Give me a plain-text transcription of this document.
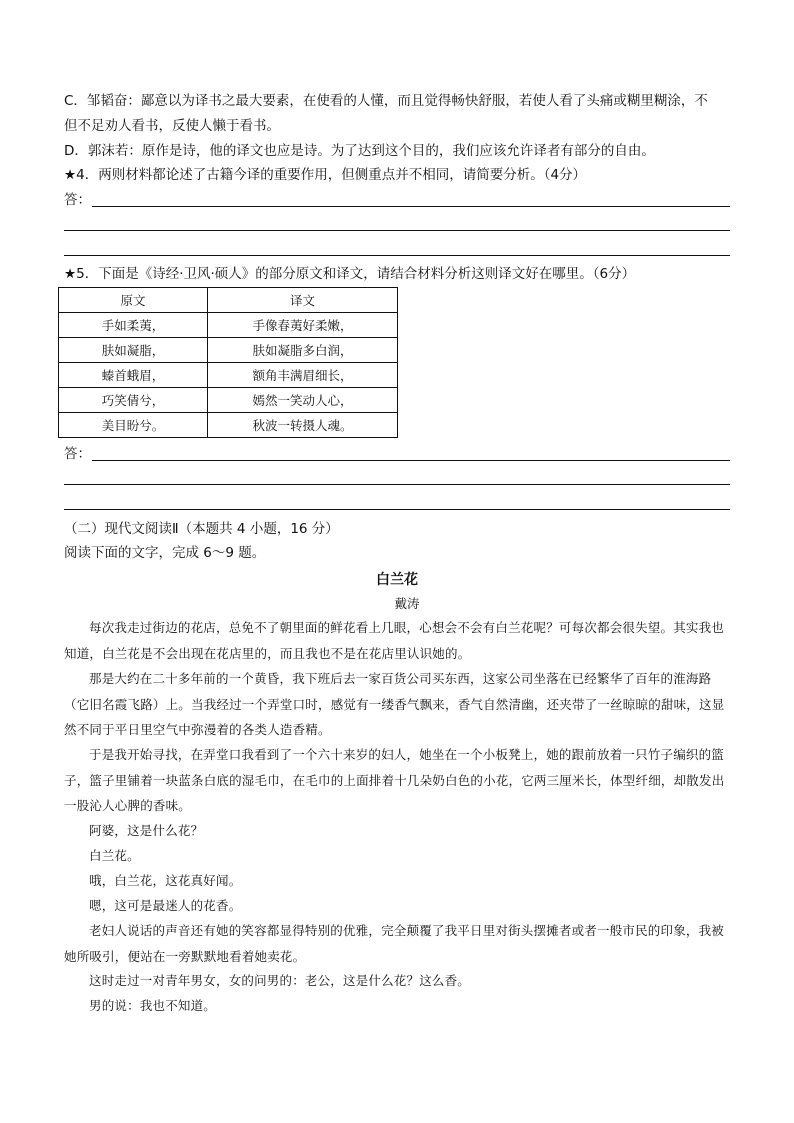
C．邹韬奋：鄙意以为译书之最大要素，在使看的人懂，而且觉得畅快舒服，若使人看了头痛或糊里糊涂，不
但不足劝人看书，反使人懒于看书。
D．郭沫若：原作是诗，他的译文也应是诗。为了达到这个目的，我们应该允许译者有部分的自由。
★4．两则材料都论述了古籍今译的重要作用，但侧重点并不相同，请简要分析。（4分）
答：
★5．下面是《诗经·卫风·硕人》的部分原文和译文，请结合材料分析这则译文好在哪里。（6分）
原文	译文
手如柔荑，	手像春荑好柔嫩，
肤如凝脂，	肤如凝脂多白润，
螓首蛾眉，	额角丰满眉细长，
巧笑倩兮，	嫣然一笑动人心，
美目盼兮。	秋波一转摄人魂。
答：
（二）现代文阅读Ⅱ（本题共 4 小题，16 分）
阅读下面的文字，完成 6～9 题。
白兰花
戴涛
每次我走过街边的花店，总免不了朝里面的鲜花看上几眼，心想会不会有白兰花呢？可每次都会很失望。其实我也知道，白兰花是不会出现在花店里的，而且我也不是在花店里认识她的。
那是大约在二十多年前的一个黄昏，我下班后去一家百货公司买东西，这家公司坐落在已经繁华了百年的淮海路（它旧名霞飞路）上。当我经过一个弄堂口时，感觉有一缕香气飘来，香气自然清幽，还夹带了一丝晾晾的甜味，这显然不同于平日里空气中弥漫着的各类人造香精。
于是我开始寻找，在弄堂口我看到了一个六十来岁的妇人，她坐在一个小板凳上，她的跟前放着一只竹子编织的篮子，篮子里铺着一块蓝条白底的湿毛巾，在毛巾的上面排着十几朵奶白色的小花，它两三厘米长，体型纤细，却散发出一股沁人心脾的香味。
阿婆，这是什么花？
白兰花。
哦，白兰花，这花真好闻。
嗯，这可是最迷人的花香。
老妇人说话的声音还有她的笑容都显得特别的优雅，完全颠覆了我平日里对街头摆摊者或者一般市民的印象，我被她所吸引，便站在一旁默默地看着她卖花。
这时走过一对青年男女，女的问男的：老公，这是什么花？这么香。
男的说：我也不知道。
